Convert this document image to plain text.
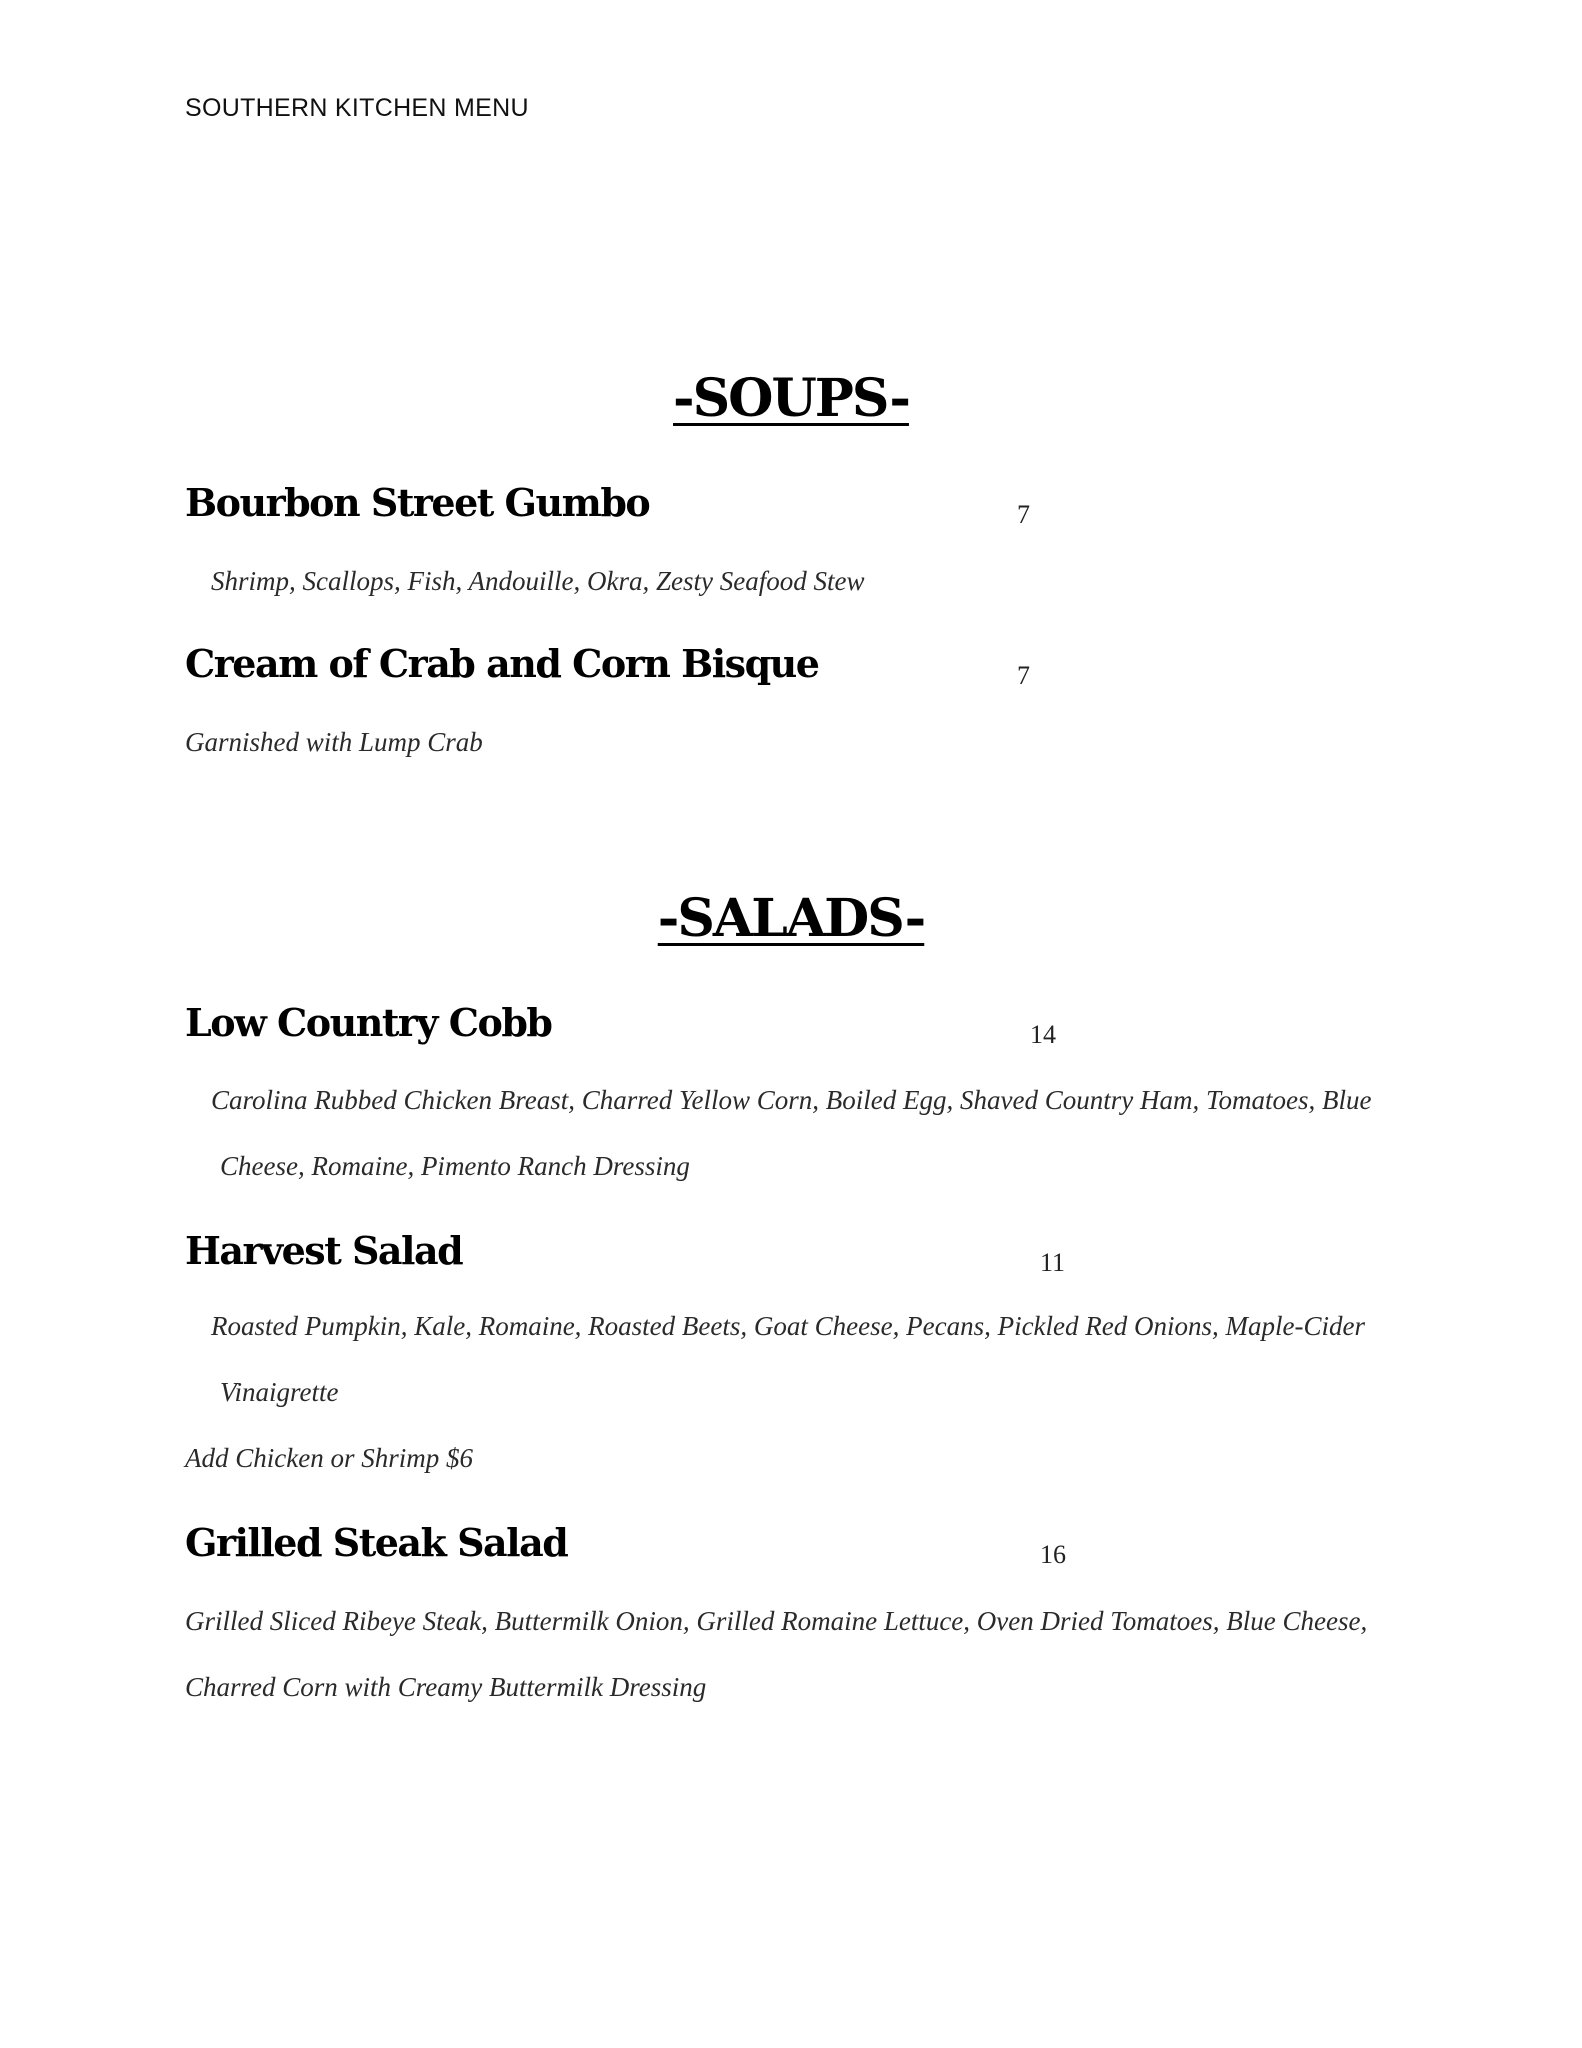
SOUTHERN KITCHEN MENU
-SOUPS-
Bourbon Street Gumbo	7
Shrimp, Scallops, Fish, Andouille, Okra, Zesty Seafood Stew
Cream of Crab and Corn Bisque	7
Garnished with Lump Crab
-SALADS-
Low Country Cobb	14
Carolina Rubbed Chicken Breast, Charred Yellow Corn, Boiled Egg, Shaved Country Ham, Tomatoes, Blue
Cheese, Romaine, Pimento Ranch Dressing
Harvest Salad	11
Roasted Pumpkin, Kale, Romaine, Roasted Beets, Goat Cheese, Pecans, Pickled Red Onions, Maple-Cider
Vinaigrette
Add Chicken or Shrimp $6
Grilled Steak Salad	16
Grilled Sliced Ribeye Steak, Buttermilk Onion, Grilled Romaine Lettuce, Oven Dried Tomatoes, Blue Cheese,
Charred Corn with Creamy Buttermilk Dressing
